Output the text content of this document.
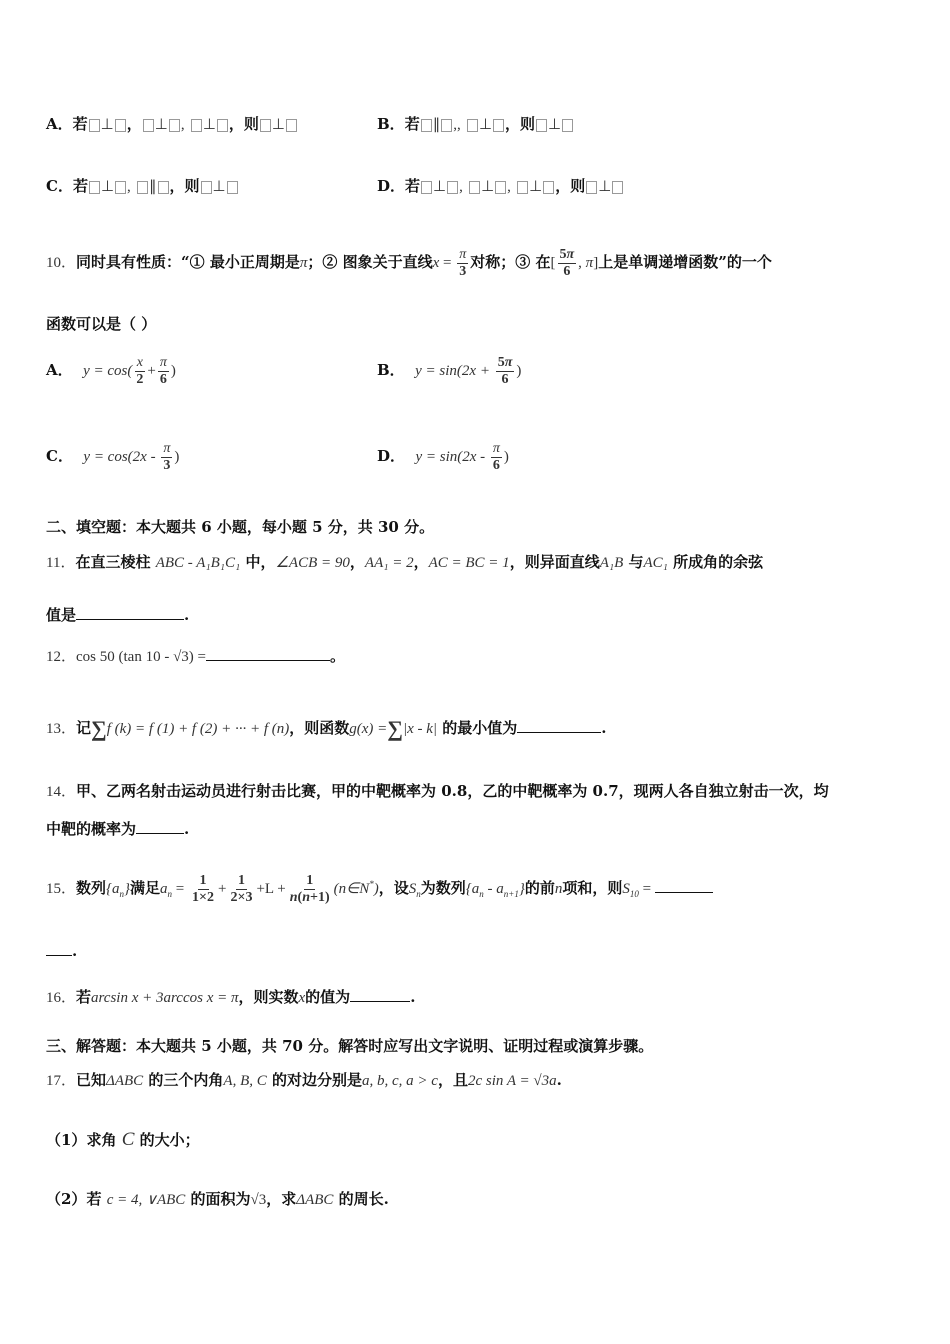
A．若 ⊥ ， ⊥ , ⊥ ，则 ⊥	B．若 ∥ ,, ⊥ ，则 ⊥
C．若 ⊥ , ∥ ，则 ⊥	D．若 ⊥ , ⊥ , ⊥ ，则 ⊥
10．同时具有性质：“① 最小正周期是π；② 图象关于直线$x = \frac{\pi}{3}$ 对称；③ 在[ $\frac{5\pi}{6}$ , π]上是单调递增函数”的一个
函数可以是（ ）
A． $y = \cos( \frac{x}{2} + \frac{\pi}{6}$ )	B． $y = \sin(2x + \frac{5\pi}{6}$ )
C． $y = \cos(2x - \frac{\pi}{3}$ )	D． $y = \sin(2x - \frac{\pi}{6}$ )
二、填空题：本大题共 6 小题，每小题 5 分，共 30 分。
11．在直三棱柱 ABC - A₁B₁C₁ 中，∠ACB = 90，AA₁ = 2，AC = BC = 1，则异面直线A₁B 与AC₁ 所成角的余弦
值是	.
12．cos 50 (tan 10 - √3) =	。
13．记∑f (k) = f (1) + f (2) + ··· + f (n)，则函数g(x) =∑|x - k| 的最小值为	.
14．甲、乙两名射击运动员进行射击比赛，甲的中靶概率为 0.8，乙的中靶概率为 0.7，现两人各自独立射击一次，均
中靶的概率为	.
15．数列$\{a_n\}$满足$a_n = \frac{1}{1\times 2} + \frac{1}{2\times 3} +L + \frac{1}{n(n+1)}$ (n∈N*)，设$S_n$为数列$\{a_n - a_{n+1}\}$的前n项和，则$S_{10}$ =
.
16．若arcsin x + 3arccos x = π，则实数x的值为	.
三、解答题：本大题共 5 小题，共 70 分。解答时应写出文字说明、证明过程或演算步骤。
17．已知ΔABC 的三个内角A, B, C 的对边分别是a, b, c, a > c，且2c sin A = √3a.
（1）求角 C 的大小；
（2）若 c = 4, ∨ABC 的面积为√3，求ΔABC 的周长.
